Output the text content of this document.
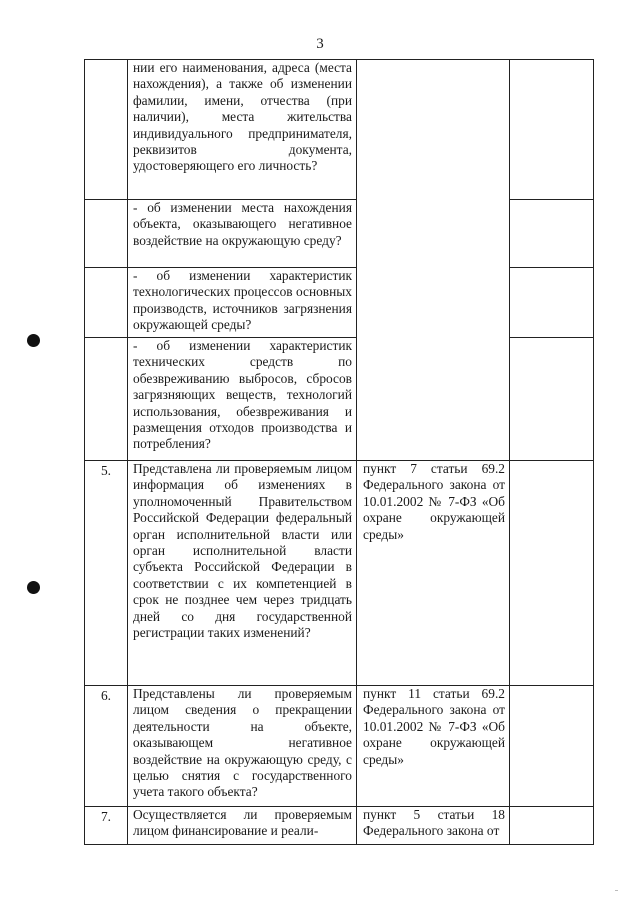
3
	нии его наименования, адреса (места нахождения), а также об изменении фамилии, имени, отчества (при наличии), места жительства индивидуального предпринимателя, реквизитов документа, удостоверяющего его личность?		
	- об изменении места нахождения объекта, оказывающего негативное воздействие на окружающую среду?		
	- об изменении характеристик технологических процессов основных производств, источников загрязнения окружающей среды?		
	- об изменении характеристик технических средств по обезвреживанию выбросов, сбросов загрязняющих веществ, технологий использования, обезвреживания и размещения отходов производства и потребления?		
5.	Представлена ли проверяемым лицом информация об изменениях в уполномоченный Правительством Российской Федерации федеральный орган исполнительной власти или орган исполнительной власти субъекта Российской Федерации в соответствии с их компетенцией в срок не позднее чем через тридцать дней со дня государственной регистрации таких изменений?	пункт 7 статьи 69.2 Федерального закона от 10.01.2002 № 7-ФЗ «Об охране окружающей среды»	
6.	Представлены ли проверяемым лицом сведения о прекращении деятельности на объекте, оказывающем негативное воздействие на окружающую среду, с целью снятия с государственного учета такого объекта?	пункт 11 статьи 69.2 Федерального закона от 10.01.2002 № 7-ФЗ «Об охране окружающей среды»	
7.	Осуществляется ли проверяемым лицом финансирование и реали-	пункт 5 статьи 18 Федерального закона от	
